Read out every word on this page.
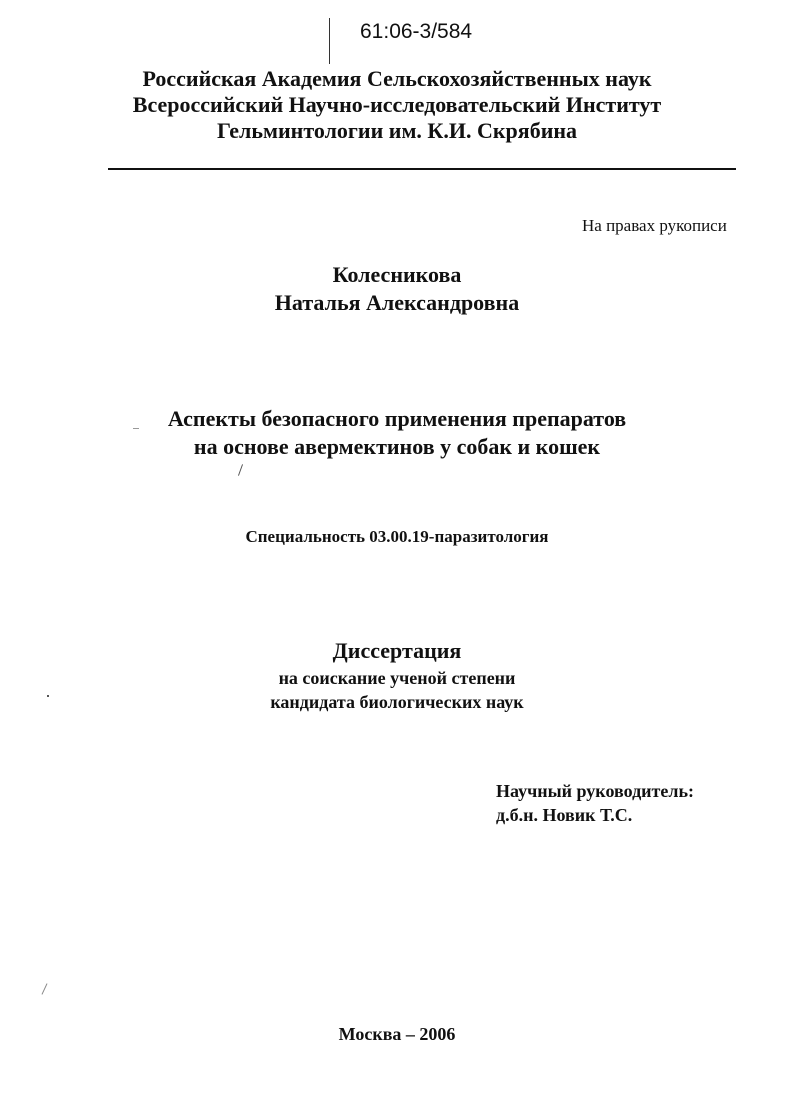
61:06-3/584
Российская Академия Сельскохозяйственных наук
Всероссийский Научно-исследовательский Институт
Гельминтологии им. К.И. Скрябина
На правах рукописи
Колесникова
Наталья Александровна
Аспекты безопасного применения препаратов
на основе авермектинов у собак и кошек
Специальность 03.00.19-паразитология
Диссертация
на соискание ученой степени
кандидата биологических наук
Научный руководитель:
д.б.н. Новик Т.С.
Москва – 2006
